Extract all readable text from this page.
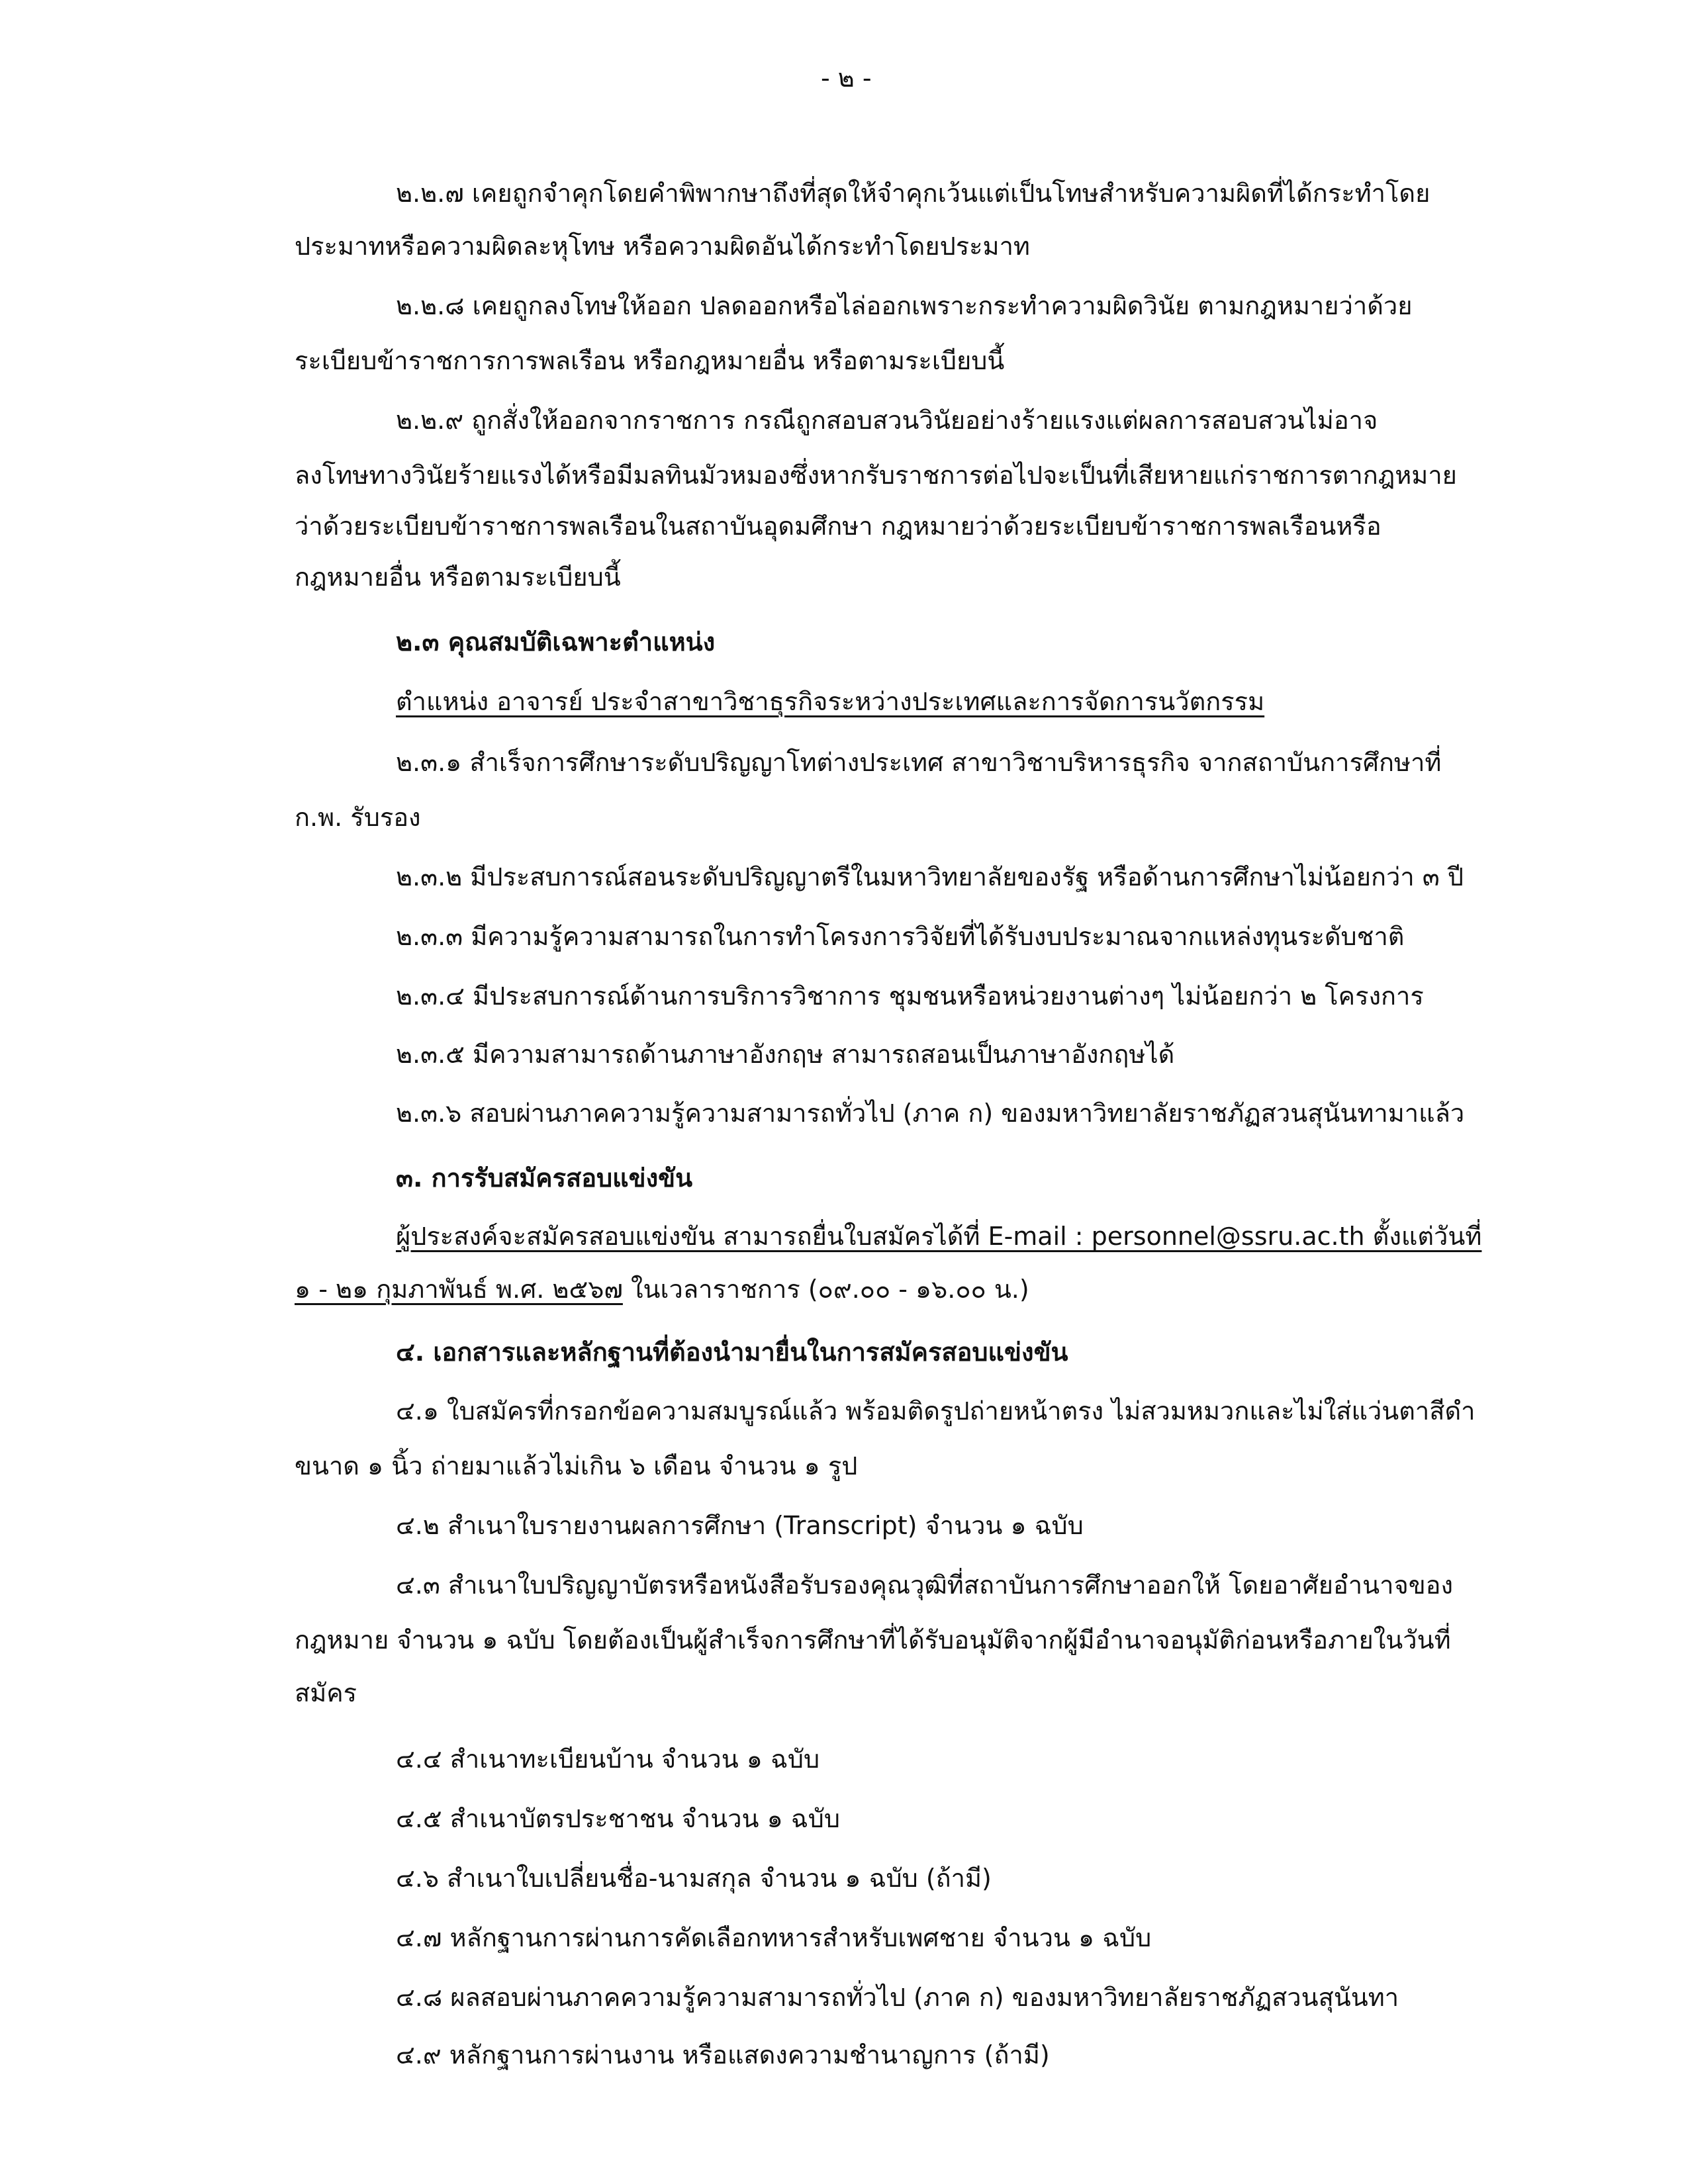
- ๒ -
๒.๒.๗ เคยถูกจำคุกโดยคำพิพากษาถึงที่สุดให้จำคุกเว้นแต่เป็นโทษสำหรับความผิดที่ได้กระทำโดย
ประมาทหรือความผิดละหุโทษ หรือความผิดอันได้กระทำโดยประมาท
๒.๒.๘ เคยถูกลงโทษให้ออก ปลดออกหรือไล่ออกเพราะกระทำความผิดวินัย ตามกฎหมายว่าด้วย
ระเบียบข้าราชการการพลเรือน หรือกฎหมายอื่น หรือตามระเบียบนี้
๒.๒.๙ ถูกสั่งให้ออกจากราชการ กรณีถูกสอบสวนวินัยอย่างร้ายแรงแต่ผลการสอบสวนไม่อาจ
ลงโทษทางวินัยร้ายแรงได้หรือมีมลทินมัวหมองซึ่งหากรับราชการต่อไปจะเป็นที่เสียหายแก่ราชการตากฎหมาย
ว่าด้วยระเบียบข้าราชการพลเรือนในสถาบันอุดมศึกษา กฎหมายว่าด้วยระเบียบข้าราชการพลเรือนหรือ
กฎหมายอื่น หรือตามระเบียบนี้
๒.๓ คุณสมบัติเฉพาะตำแหน่ง
ตำแหน่ง อาจารย์ ประจำสาขาวิชาธุรกิจระหว่างประเทศและการจัดการนวัตกรรม
๒.๓.๑ สำเร็จการศึกษาระดับปริญญาโทต่างประเทศ สาขาวิชาบริหารธุรกิจ จากสถาบันการศึกษาที่
ก.พ. รับรอง
๒.๓.๒ มีประสบการณ์สอนระดับปริญญาตรีในมหาวิทยาลัยของรัฐ หรือด้านการศึกษาไม่น้อยกว่า ๓ ปี
๒.๓.๓ มีความรู้ความสามารถในการทำโครงการวิจัยที่ได้รับงบประมาณจากแหล่งทุนระดับชาติ
๒.๓.๔ มีประสบการณ์ด้านการบริการวิชาการ ชุมชนหรือหน่วยงานต่างๆ ไม่น้อยกว่า ๒ โครงการ
๒.๓.๕ มีความสามารถด้านภาษาอังกฤษ สามารถสอนเป็นภาษาอังกฤษได้
๒.๓.๖ สอบผ่านภาคความรู้ความสามารถทั่วไป (ภาค ก) ของมหาวิทยาลัยราชภัฏสวนสุนันทามาแล้ว
๓. การรับสมัครสอบแข่งขัน
ผู้ประสงค์จะสมัครสอบแข่งขัน สามารถยื่นใบสมัครได้ที่ E-mail : personnel@ssru.ac.th ตั้งแต่วันที่
๑ - ๒๑ กุมภาพันธ์ พ.ศ. ๒๕๖๗ ในเวลาราชการ (๐๙.๐๐ - ๑๖.๐๐ น.)
๔. เอกสารและหลักฐานที่ต้องนำมายื่นในการสมัครสอบแข่งขัน
๔.๑ ใบสมัครที่กรอกข้อความสมบูรณ์แล้ว พร้อมติดรูปถ่ายหน้าตรง ไม่สวมหมวกและไม่ใส่แว่นตาสีดำ
ขนาด ๑ นิ้ว ถ่ายมาแล้วไม่เกิน ๖ เดือน จำนวน ๑ รูป
๔.๒ สำเนาใบรายงานผลการศึกษา (Transcript) จำนวน ๑ ฉบับ
๔.๓ สำเนาใบปริญญาบัตรหรือหนังสือรับรองคุณวุฒิที่สถาบันการศึกษาออกให้ โดยอาศัยอำนาจของ
กฎหมาย จำนวน ๑ ฉบับ โดยต้องเป็นผู้สำเร็จการศึกษาที่ได้รับอนุมัติจากผู้มีอำนาจอนุมัติก่อนหรือภายในวันที่
สมัคร
๔.๔ สำเนาทะเบียนบ้าน จำนวน ๑ ฉบับ
๔.๕ สำเนาบัตรประชาชน จำนวน ๑ ฉบับ
๔.๖ สำเนาใบเปลี่ยนชื่อ-นามสกุล จำนวน ๑ ฉบับ (ถ้ามี)
๔.๗ หลักฐานการผ่านการคัดเลือกทหารสำหรับเพศชาย จำนวน ๑ ฉบับ
๔.๘ ผลสอบผ่านภาคความรู้ความสามารถทั่วไป (ภาค ก) ของมหาวิทยาลัยราชภัฏสวนสุนันทา
๔.๙ หลักฐานการผ่านงาน หรือแสดงความชำนาญการ (ถ้ามี)
